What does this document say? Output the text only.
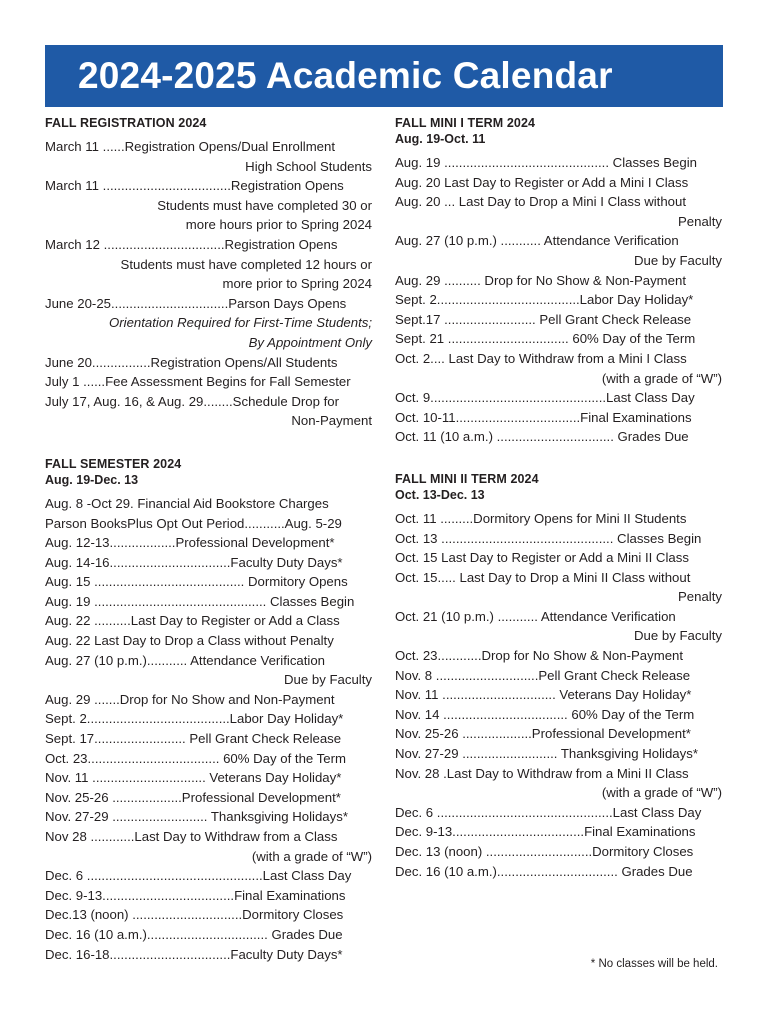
2024-2025 Academic Calendar

FALL REGISTRATION 2024

March 11 ......Registration Opens/Dual Enrollment
High School Students
March 11 ...................................Registration Opens
Students must have completed 30 or
more hours prior to Spring 2024
March 12 .................................Registration Opens
Students must have completed 12 hours or
more prior to Spring 2024
June 20-25................................Parson Days Opens
Orientation Required for First-Time Students;
By Appointment Only
June 20................Registration Opens/All Students
July 1 ......Fee Assessment Begins for Fall Semester
July 17, Aug. 16, & Aug. 29........Schedule Drop for
Non-Payment

FALL SEMESTER 2024

Aug. 19-Dec. 13

Aug. 8 -Oct 29. Financial Aid Bookstore Charges
Parson BooksPlus Opt Out Period...........Aug. 5-29
Aug. 12-13..................Professional Development*
Aug. 14-16.................................Faculty Duty Days*
Aug. 15 ......................................... Dormitory Opens
Aug. 19 ............................................... Classes Begin
Aug. 22 ..........Last Day to Register or Add a Class
Aug. 22 Last Day to Drop a Class without Penalty
Aug. 27 (10 p.m.)........... Attendance Verification
Due by Faculty
Aug. 29 .......Drop for No Show and Non-Payment
Sept. 2.......................................Labor Day Holiday*
Sept. 17......................... Pell Grant Check Release
Oct. 23.................................... 60% Day of the Term
Nov. 11 ............................... Veterans Day Holiday*
Nov. 25-26 ...................Professional Development*
Nov. 27-29 .......................... Thanksgiving Holidays*
Nov 28 ............Last Day to Withdraw from a Class
(with a grade of “W”)
Dec. 6 ................................................Last Class Day
Dec. 9-13....................................Final Examinations
Dec.13 (noon) ..............................Dormitory Closes
Dec. 16 (10 a.m.)................................. Grades Due
Dec. 16-18.................................Faculty Duty Days*

FALL MINI I TERM 2024

Aug. 19-Oct. 11

Aug. 19 ............................................. Classes Begin
Aug. 20 Last Day to Register or Add a Mini I Class
Aug. 20 ... Last Day to Drop a Mini I Class without
Penalty
Aug. 27 (10 p.m.) ........... Attendance Verification
Due by Faculty
Aug. 29 .......... Drop for No Show & Non-Payment
Sept. 2.......................................Labor Day Holiday*
Sept.17 ......................... Pell Grant Check Release
Sept. 21 ................................. 60% Day of the Term
Oct. 2.... Last Day to Withdraw from a Mini I Class
(with a grade of “W”)
Oct. 9................................................Last Class Day
Oct. 10-11..................................Final Examinations
Oct. 11 (10 a.m.) ................................ Grades Due

FALL MINI II TERM 2024

Oct. 13-Dec. 13

Oct. 11 .........Dormitory Opens for Mini II Students
Oct. 13 ............................................... Classes Begin
Oct. 15 Last Day to Register or Add a Mini II Class
Oct. 15..... Last Day to Drop a Mini II Class without
Penalty
Oct. 21 (10 p.m.) ........... Attendance Verification
Due by Faculty
Oct. 23............Drop for No Show & Non-Payment
Nov. 8 ............................Pell Grant Check Release
Nov. 11 ............................... Veterans Day Holiday*
Nov. 14 .................................. 60% Day of the Term
Nov. 25-26 ...................Professional Development*
Nov. 27-29 .......................... Thanksgiving Holidays*
Nov. 28 .Last Day to Withdraw from a Mini II Class
(with a grade of “W”)
Dec. 6 ................................................Last Class Day
Dec. 9-13....................................Final Examinations
Dec. 13 (noon) .............................Dormitory Closes
Dec. 16 (10 a.m.)................................. Grades Due
* No classes will be held.
